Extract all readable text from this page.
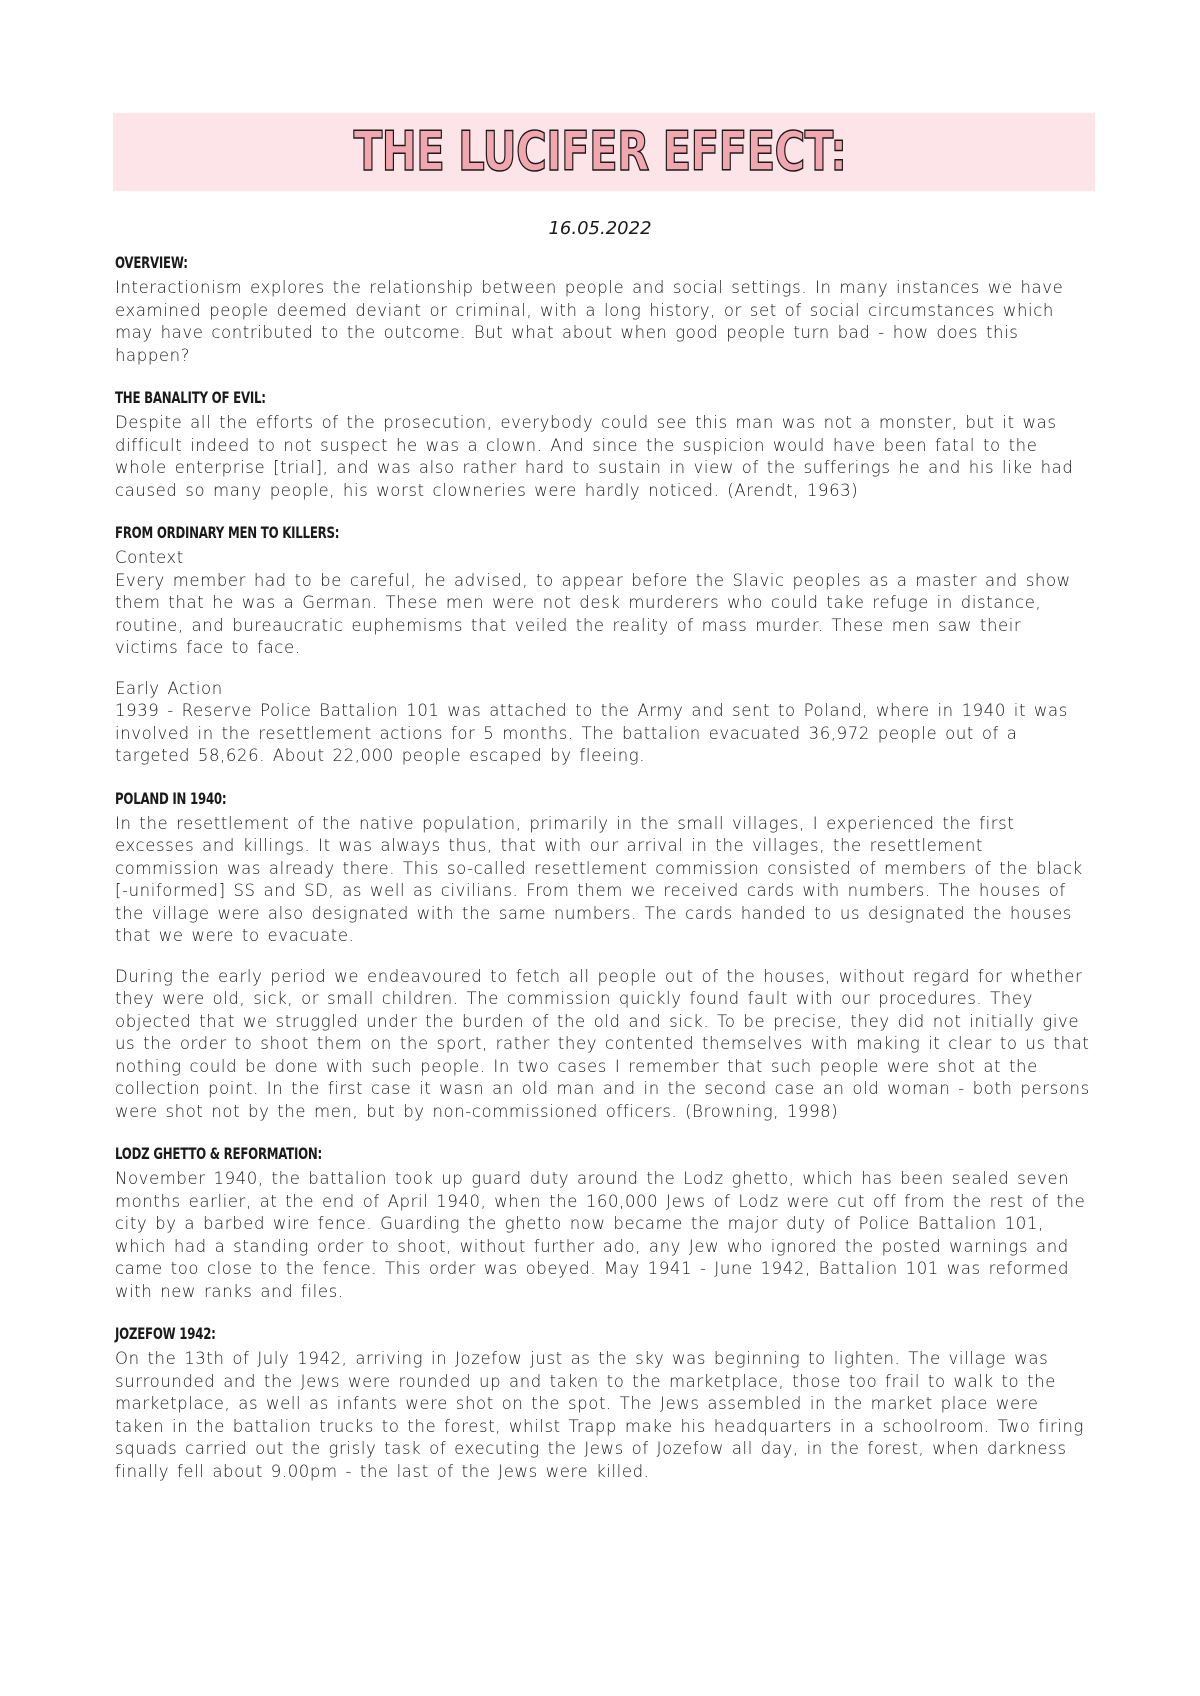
THE LUCIFER EFFECT:
16.05.2022
OVERVIEW:

Interactionism explores the relationship between people and social settings. In many instances we have examined people deemed deviant or criminal, with a long history, or set of social circumstances which may have contributed to the outcome. But what about when good people turn bad - how does this happen?

THE BANALITY OF EVIL:

Despite all the efforts of the prosecution, everybody could see this man was not a monster, but it was difficult indeed to not suspect he was a clown. And since the suspicion would have been fatal to the whole enterprise [trial], and was also rather hard to sustain in view of the sufferings he and his like had caused so many people, his worst clowneries were hardly noticed. (Arendt, 1963)

FROM ORDINARY MEN TO KILLERS:
Context

Every member had to be careful, he advised, to appear before the Slavic peoples as a master and show them that he was a German. These men were not desk murderers who could take refuge in distance, routine, and bureaucratic euphemisms that veiled the reality of mass murder. These men saw their victims face to face.

Early Action

1939 - Reserve Police Battalion 101 was attached to the Army and sent to Poland, where in 1940 it was involved in the resettlement actions for 5 months. The battalion evacuated 36,972 people out of a targeted 58,626. About 22,000 people escaped by fleeing.

POLAND IN 1940:

In the resettlement of the native population, primarily in the small villages, I experienced the first excesses and killings. It was always thus, that with our arrival in the villages, the resettlement commission was already there. This so-called resettlement commission consisted of members of the black [-uniformed] SS and SD, as well as civilians. From them we received cards with numbers. The houses of the village were also designated with the same numbers. The cards handed to us designated the houses that we were to evacuate.

During the early period we endeavoured to fetch all people out of the houses, without regard for whether they were old, sick, or small children. The commission quickly found fault with our procedures. They objected that we struggled under the burden of the old and sick. To be precise, they did not initially give us the order to shoot them on the sport, rather they contented themselves with making it clear to us that nothing could be done with such people. In two cases I remember that such people were shot at the collection point. In the first case it wasn an old man and in the second case an old woman - both persons were shot not by the men, but by non-commissioned officers. (Browning, 1998)

LODZ GHETTO & REFORMATION:

November 1940, the battalion took up guard duty around the Lodz ghetto, which has been sealed seven months earlier, at the end of April 1940, when the 160,000 Jews of Lodz were cut off from the rest of the city by a barbed wire fence. Guarding the ghetto now became the major duty of Police Battalion 101, which had a standing order to shoot, without further ado, any Jew who ignored the posted warnings and came too close to the fence. This order was obeyed. May 1941 - June 1942, Battalion 101 was reformed with new ranks and files.

JOZEFOW 1942:

On the 13th of July 1942, arriving in Jozefow just as the sky was beginning to lighten. The village was surrounded and the Jews were rounded up and taken to the marketplace, those too frail to walk to the marketplace, as well as infants were shot on the spot. The Jews assembled in the market place were taken in the battalion trucks to the forest, whilst Trapp make his headquarters in a schoolroom. Two firing squads carried out the grisly task of executing the Jews of Jozefow all day, in the forest, when darkness finally fell about 9.00pm - the last of the Jews were killed.
